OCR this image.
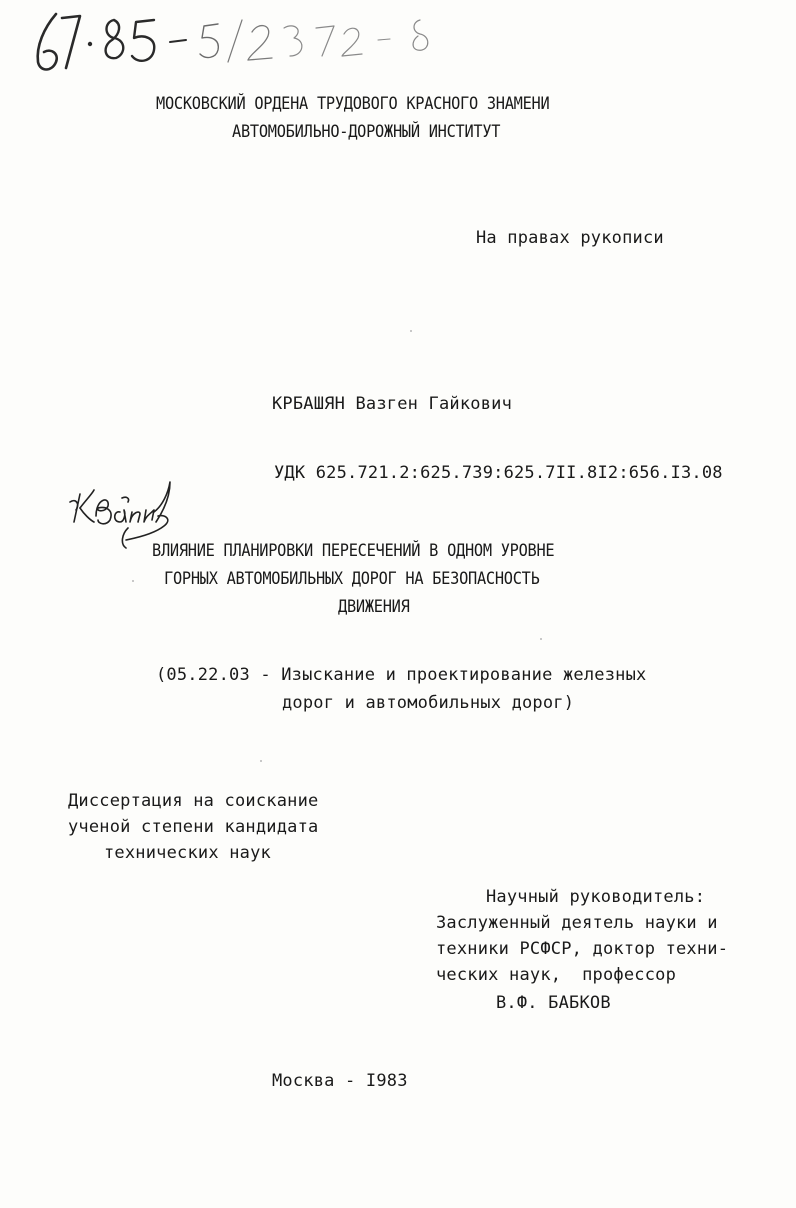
МОСКОВСКИЙ ОРДЕНА ТРУДОВОГО КРАСНОГО ЗНАМЕНИ
АВТОМОБИЛЬНО-ДОРОЖНЫЙ ИНСТИТУТ
На правах рукописи
КРБАШЯН Вазген Гайкович
УДК 625.721.2:625.739:625.7II.8I2:656.I3.08
ВЛИЯНИЕ ПЛАНИРОВКИ ПЕРЕСЕЧЕНИЙ В ОДНОМ УРОВНЕ
ГОРНЫХ АВТОМОБИЛЬНЫХ ДОРОГ НА БЕЗОПАСНОСТЬ
ДВИЖЕНИЯ
(05.22.03 - Изыскание и проектирование железных
дорог и автомобильных дорог)
Диссертация на соискание
ученой степени кандидата
технических наук
Научный руководитель:
Заслуженный деятель науки и
техники РСФСР, доктор техни-
ческих наук,  профессор
В.Ф. БАБКОВ
Москва - I983
